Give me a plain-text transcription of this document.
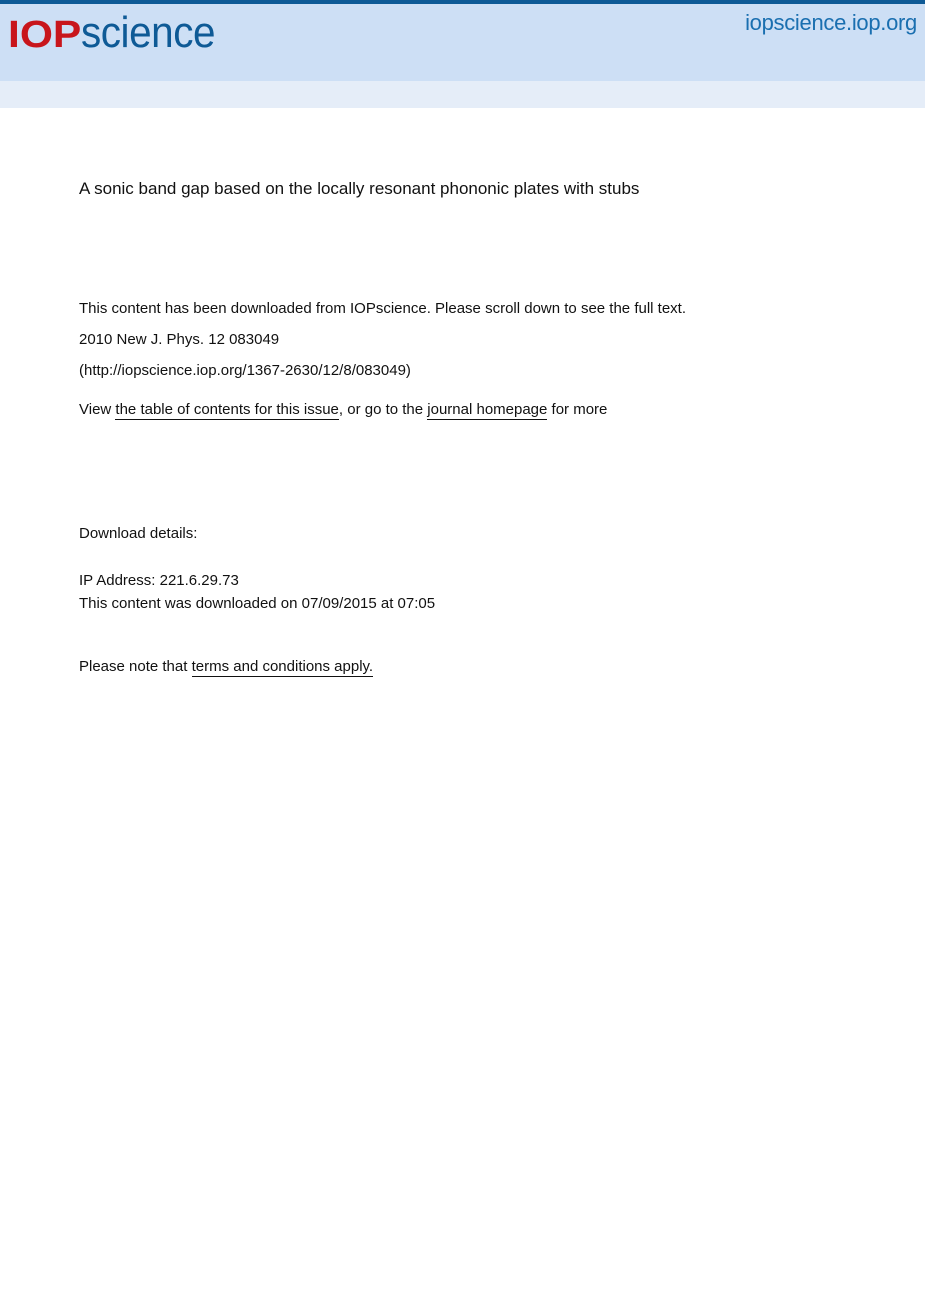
IOP science	iopscience.iop.org
A sonic band gap based on the locally resonant phononic plates with stubs

This content has been downloaded from IOPscience. Please scroll down to see the full text.

2010 New J. Phys. 12 083049

(http://iopscience.iop.org/1367-2630/12/8/083049)

View the table of contents for this issue, or go to the journal homepage for more

Download details:

IP Address: 221.6.29.73

This content was downloaded on 07/09/2015 at 07:05

Please note that terms and conditions apply.
